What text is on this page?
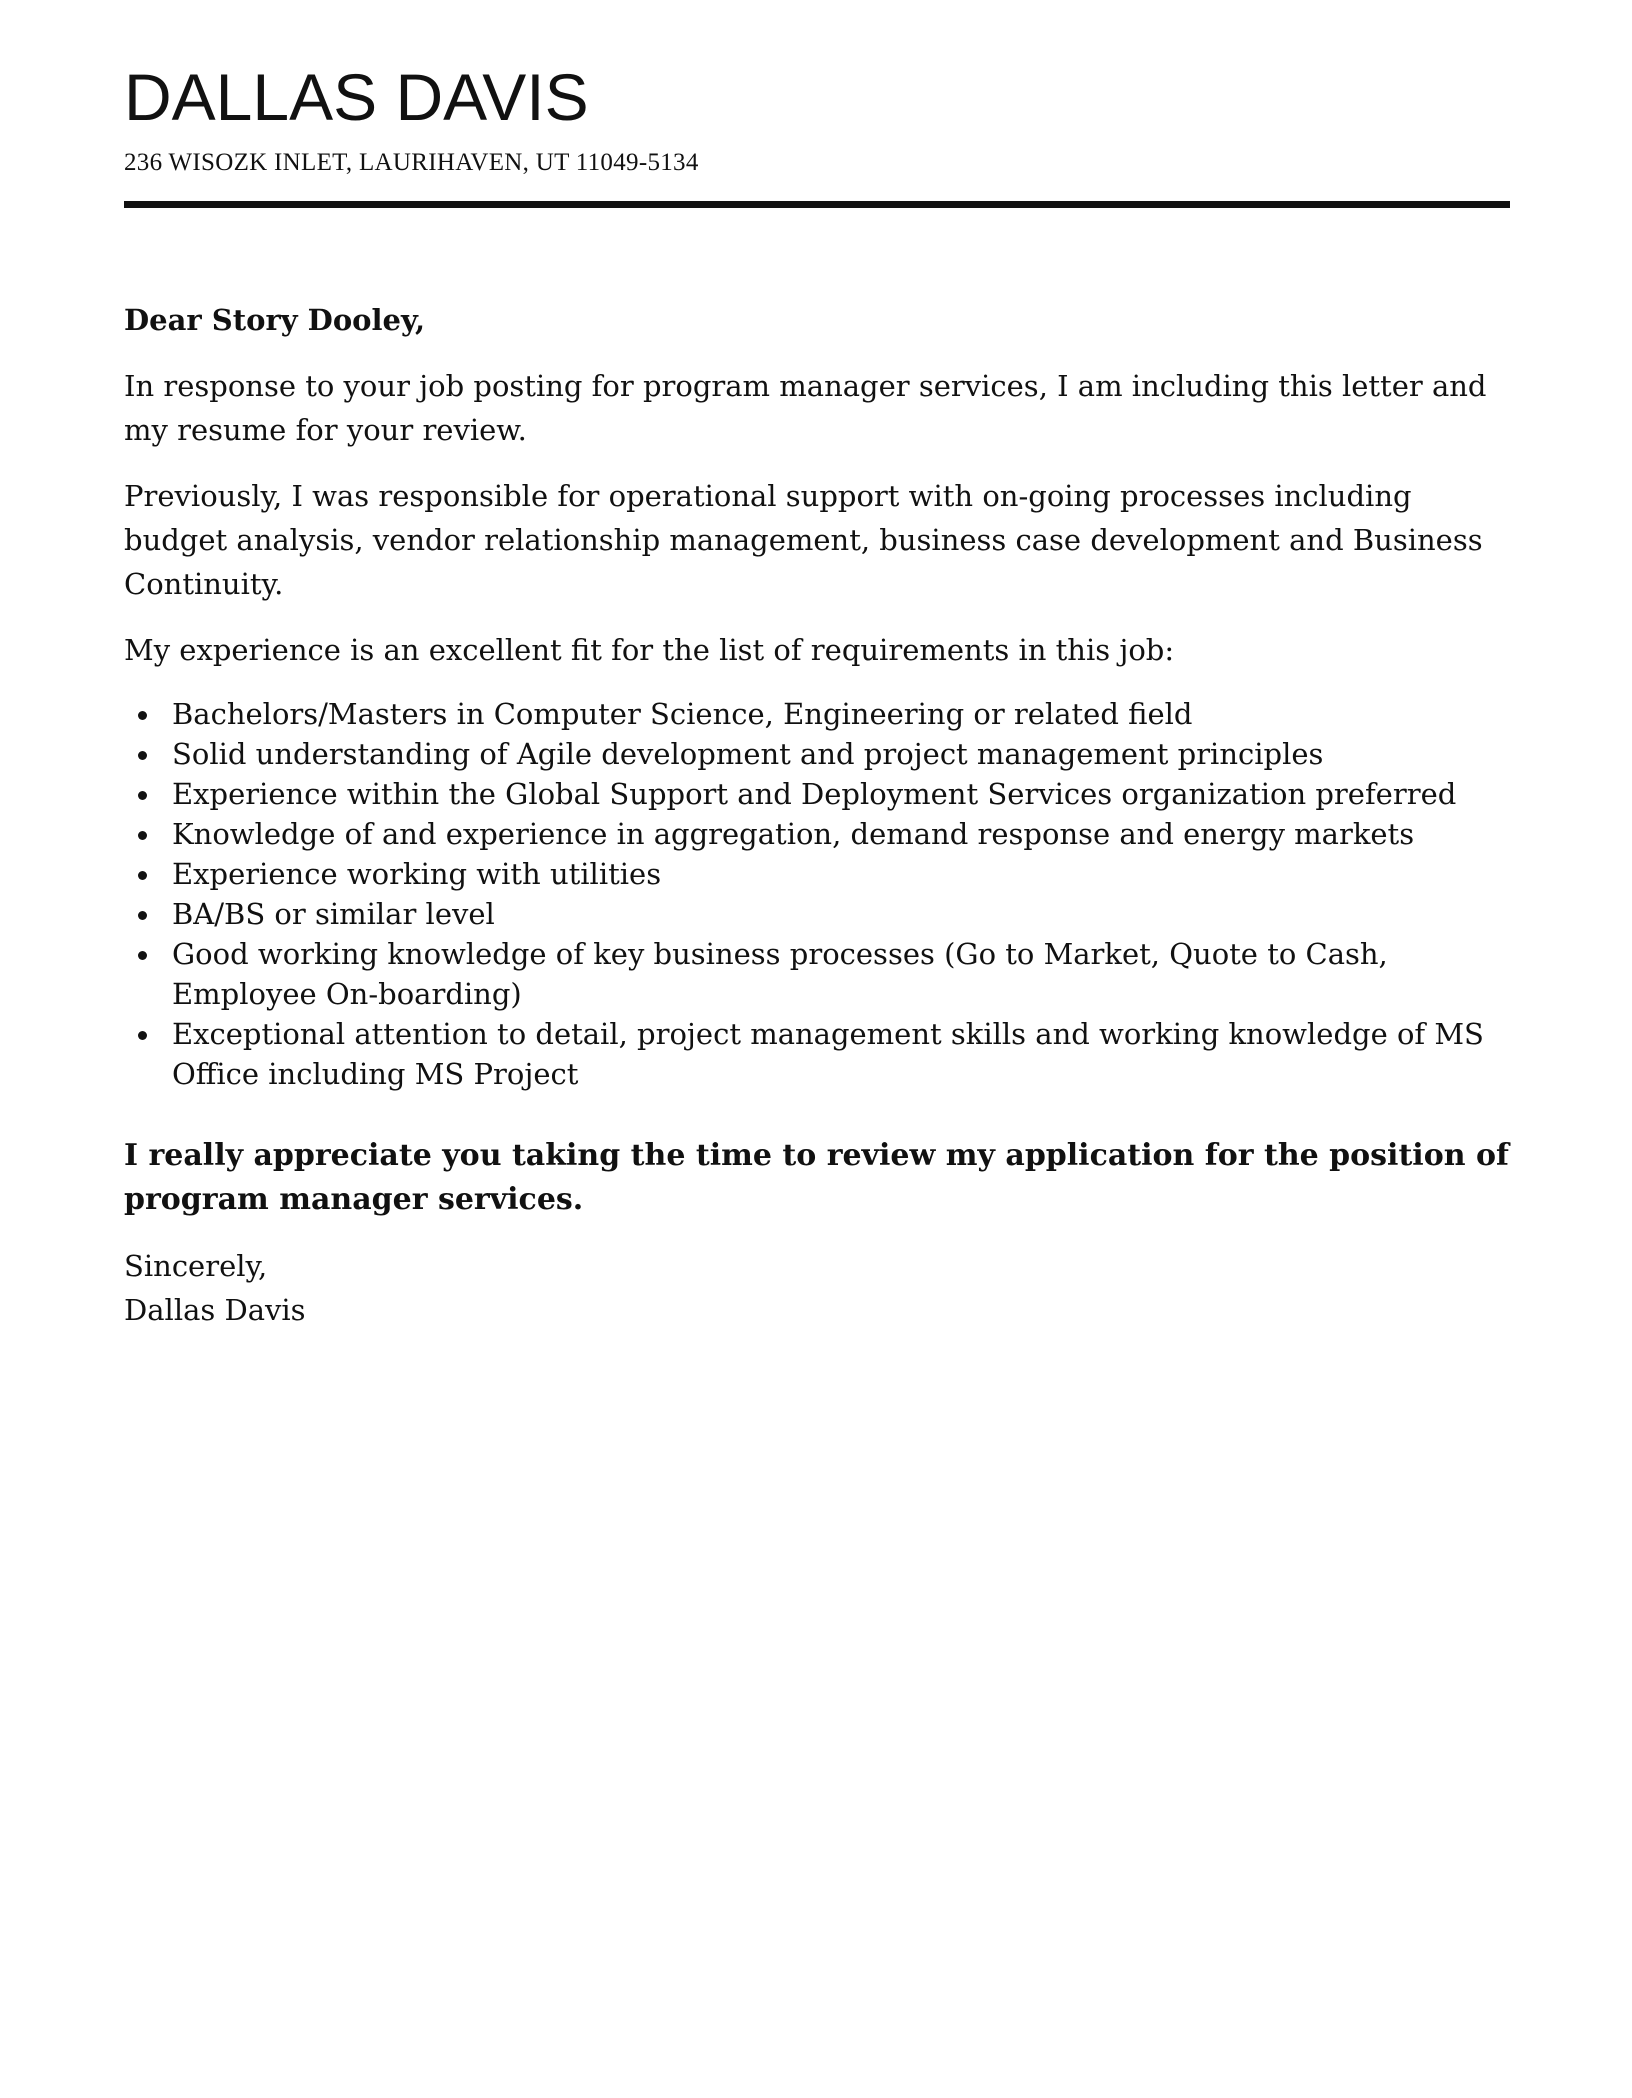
DALLAS DAVIS
236 WISOZK INLET, LAURIHAVEN, UT 11049-5134
Dear Story Dooley,
In response to your job posting for program manager services, I am including this letter and my resume for your review.
Previously, I was responsible for operational support with on-going processes including budget analysis, vendor relationship management, business case development and Business Continuity.
My experience is an excellent fit for the list of requirements in this job:
Bachelors/Masters in Computer Science, Engineering or related field
Solid understanding of Agile development and project management principles
Experience within the Global Support and Deployment Services organization preferred
Knowledge of and experience in aggregation, demand response and energy markets
Experience working with utilities
BA/BS or similar level
Good working knowledge of key business processes (Go to Market, Quote to Cash, Employee On-boarding)
Exceptional attention to detail, project management skills and working knowledge of MS Office including MS Project
I really appreciate you taking the time to review my application for the position of program manager services.
Sincerely,
Dallas Davis
